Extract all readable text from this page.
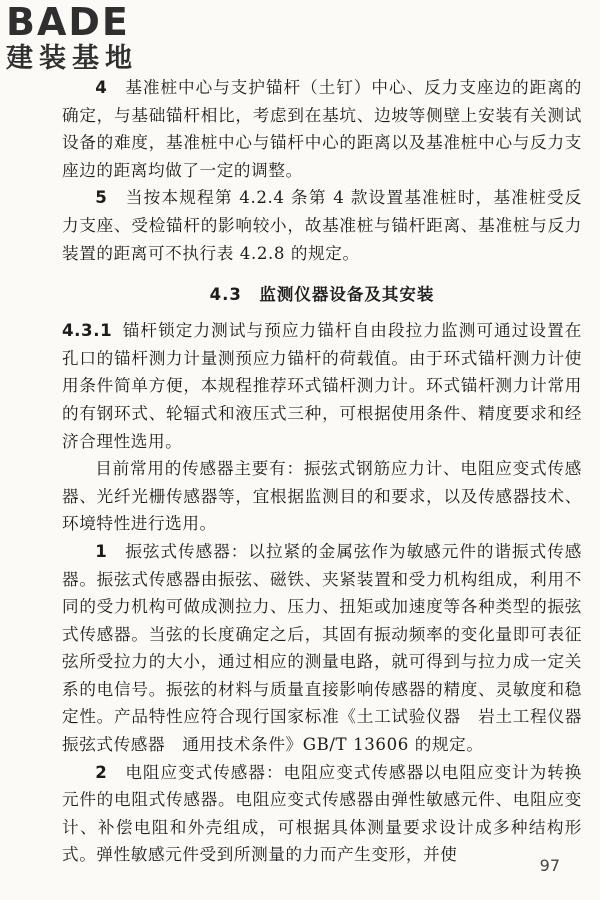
BADE
建装基地

4　 基准桩中心与支护锚杆（土钉）中心、反力支座边的距离的确定，与基础锚杆相比，考虑到在基坑、边坡等侧壁上安装有关测试设备的难度，基准桩中心与锚杆中心的距离以及基准桩中心与反力支座边的距离均做了一定的调整。

5　 当按本规程第 4.2.4 条第 4 款设置基准桩时，基准桩受反力支座、受检锚杆的影响较小，故基准桩与锚杆距离、基准桩与反力装置的距离可不执行表 4.2.8 的规定。

4.3　 监测仪器设备及其安装

4.3.1 锚杆锁定力测试与预应力锚杆自由段拉力监测可通过设置在孔口的锚杆测力计量测预应力锚杆的荷载值。由于环式锚杆测力计使用条件简单方便，本规程推荐环式锚杆测力计。环式锚杆测力计常用的有钢环式、轮辐式和液压式三种，可根据使用条件、精度要求和经济合理性选用。

目前常用的传感器主要有：振弦式钢筋应力计、电阻应变式传感器、光纤光栅传感器等，宜根据监测目的和要求，以及传感器技术、环境特性进行选用。

1　 振弦式传感器：以拉紧的金属弦作为敏感元件的谐振式传感器。振弦式传感器由振弦、磁铁、夹紧装置和受力机构组成，利用不同的受力机构可做成测拉力、压力、扭矩或加速度等各种类型的振弦式传感器。当弦的长度确定之后，其固有振动频率的变化量即可表征弦所受拉力的大小，通过相应的测量电路，就可得到与拉力成一定关系的电信号。振弦的材料与质量直接影响传感器的精度、灵敏度和稳定性。产品特性应符合现行国家标准《土工试验仪器　岩土工程仪器　振弦式传感器　通用技术条件》GB/T 13606 的规定。

2　 电阻应变式传感器：电阻应变式传感器以电阻应变计为转换元件的电阻式传感器。电阻应变式传感器由弹性敏感元件、电阻应变计、补偿电阻和外壳组成，可根据具体测量要求设计成多种结构形式。弹性敏感元件受到所测量的力而产生变形，并使

97
